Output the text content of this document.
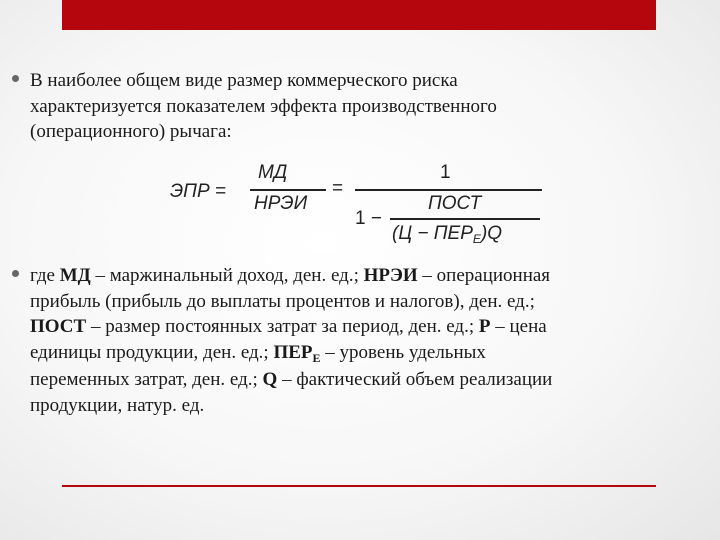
В наиболее общем виде размер коммерческого риска
характеризуется показателем эффекта производственного
(операционного) рычага:
ЭПР =
МД
НРЭИ
=
1
1 −
ПОСТ
$(Ц - ПЕР_Е)Q$
где МД – маржинальный доход, ден. ед.; НРЭИ – операционная
прибыль (прибыль до выплаты процентов и налогов), ден. ед.;
ПОСТ – размер постоянных затрат за период, ден. ед.; Р – цена
единицы продукции, ден. ед.; $ПЕР_Е$ – уровень удельных
переменных затрат, ден. ед.; Q – фактический объем реализации
продукции, натур. ед.
